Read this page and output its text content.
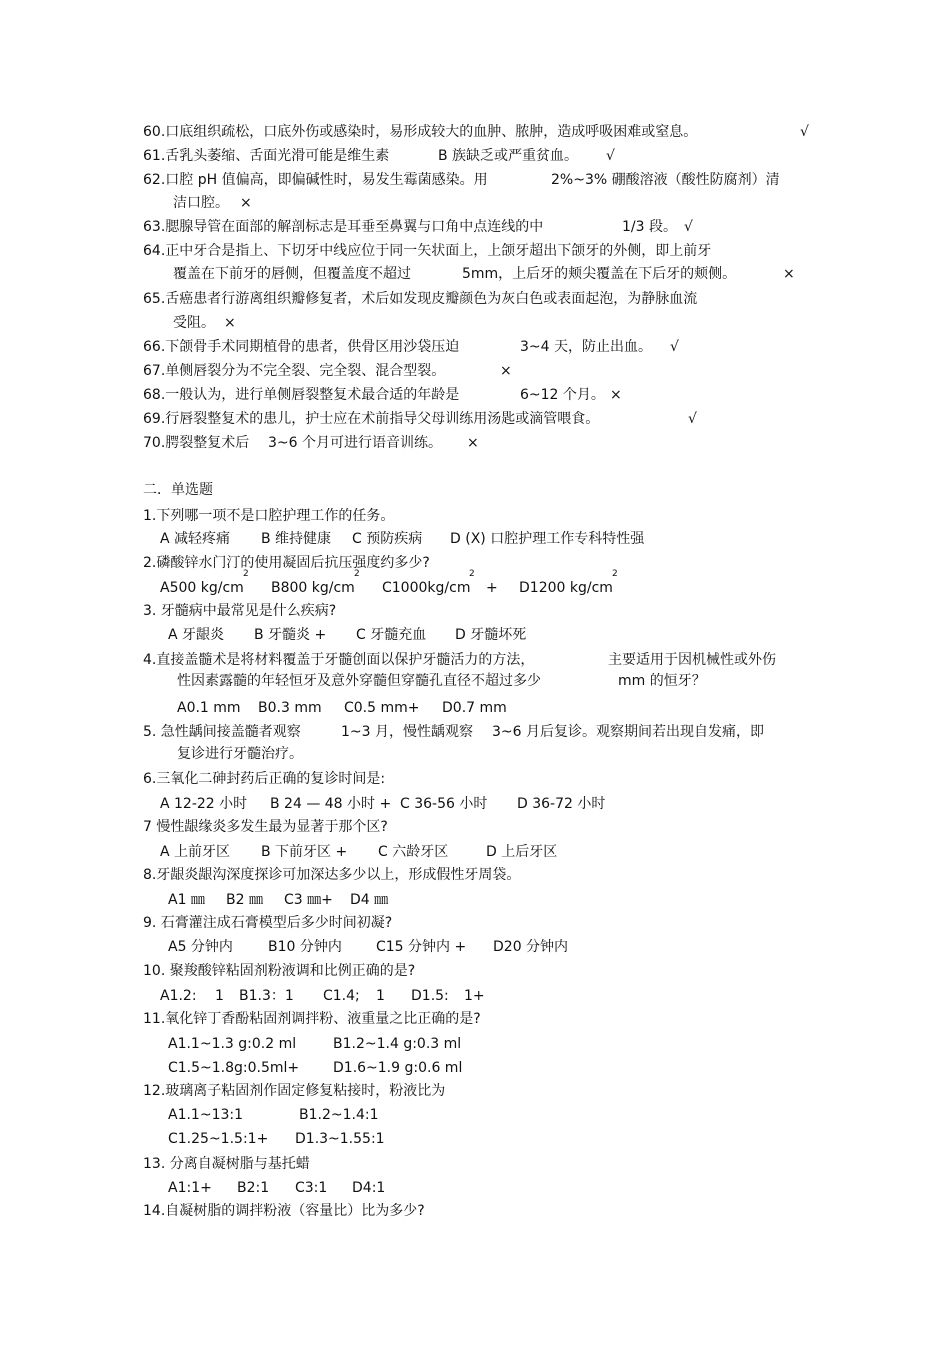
60.口底组织疏松，口底外伤或感染时，易形成较大的血肿、脓肿，造成呼吸困难或窒息。	√
61.舌乳头萎缩、舌面光滑可能是维生素	B 族缺乏或严重贫血。 √
62.口腔 pH 值偏高，即偏碱性时，易发生霉菌感染。用	2%~3% 硼酸溶液（酸性防腐剂）清
洁口腔。 ×
63.腮腺导管在面部的解剖标志是耳垂至鼻翼与口角中点连线的中	1/3 段。 √
64.正中牙合是指上、下切牙中线应位于同一矢状面上，上颌牙超出下颌牙的外侧，即上前牙
覆盖在下前牙的唇侧，但覆盖度不超过	5mm，上后牙的颊尖覆盖在下后牙的颊侧。	×
65.舌癌患者行游离组织瓣修复者，术后如发现皮瓣颜色为灰白色或表面起泡，为静脉血流
受阻。 ×
66.下颌骨手术同期植骨的患者，供骨区用沙袋压迫	3~4 天，防止出血。 √
67.单侧唇裂分为不完全裂、完全裂、混合型裂。	×
68.一般认为，进行单侧唇裂整复术最合适的年龄是	6~12 个月。 ×
69.行唇裂整复术的患儿，护士应在术前指导父母训练用汤匙或滴管喂食。	√
70.腭裂整复术后 3~6 个月可进行语音训练。 ×
二．单选题
1.下列哪一项不是口腔护理工作的任务。
A 减轻疼痛 B 维持健康 C 预防疾病 D (X) 口腔护理工作专科特性强
2.磷酸锌水门汀的使用凝固后抗压强度约多少?
A500 kg/cm
2
B800 kg/cm
2
C1000kg/cm
2
+ D1200 kg/cm
2
3. 牙髓病中最常见是什么疾病?
A 牙龈炎 B 牙髓炎 + C 牙髓充血 D 牙髓坏死
4.直接盖髓术是将材料覆盖于牙髓创面以保护牙髓活力的方法，	主要适用于因机械性或外伤
性因素露髓的年轻恒牙及意外穿髓但穿髓孔直径不超过多少	mm 的恒牙？
A0.1 mm B0.3 mm C0.5 mm+ D0.7 mm
5. 急性龋间接盖髓者观察	1~3 月，慢性龋观察 3~6 月后复诊。观察期间若出现自发痛，即
复诊进行牙髓治疗。
6.三氧化二砷封药后正确的复诊时间是:
A 12-22 小时 B 24 — 48 小时 + C 36-56 小时 D 36-72 小时
7 慢性龈缘炎多发生最为显著于那个区?
A 上前牙区 B 下前牙区 + C 六龄牙区	D 上后牙区
8.牙龈炎龈沟深度探诊可加深达多少以上，形成假性牙周袋。
A1 ㎜ B2 ㎜ C3 ㎜+ D4 ㎜
9. 石膏灌注成石膏模型后多少时间初凝?
A5 分钟内	B10 分钟内 C15 分钟内 + D20 分钟内
10. 聚羧酸锌粘固剂粉液调和比例正确的是?
A1.2: 1 B1.3：1 C1.4; 1 D1.5: 1+
11.氧化锌丁香酚粘固剂调拌粉、液重量之比正确的是?
A1.1~1.3 g:0.2 ml	B1.2~1.4 g:0.3 ml
C1.5~1.8g:0.5ml+ D1.6~1.9 g:0.6 ml
12.玻璃离子粘固剂作固定修复粘接时，粉液比为
A1.1~13:1	B1.2~1.4:1
C1.25~1.5:1+ D1.3~1.55:1
13. 分离自凝树脂与基托蜡
A1:1+ B2:1 C3:1 D4:1
14.自凝树脂的调拌粉液（容量比）比为多少?
